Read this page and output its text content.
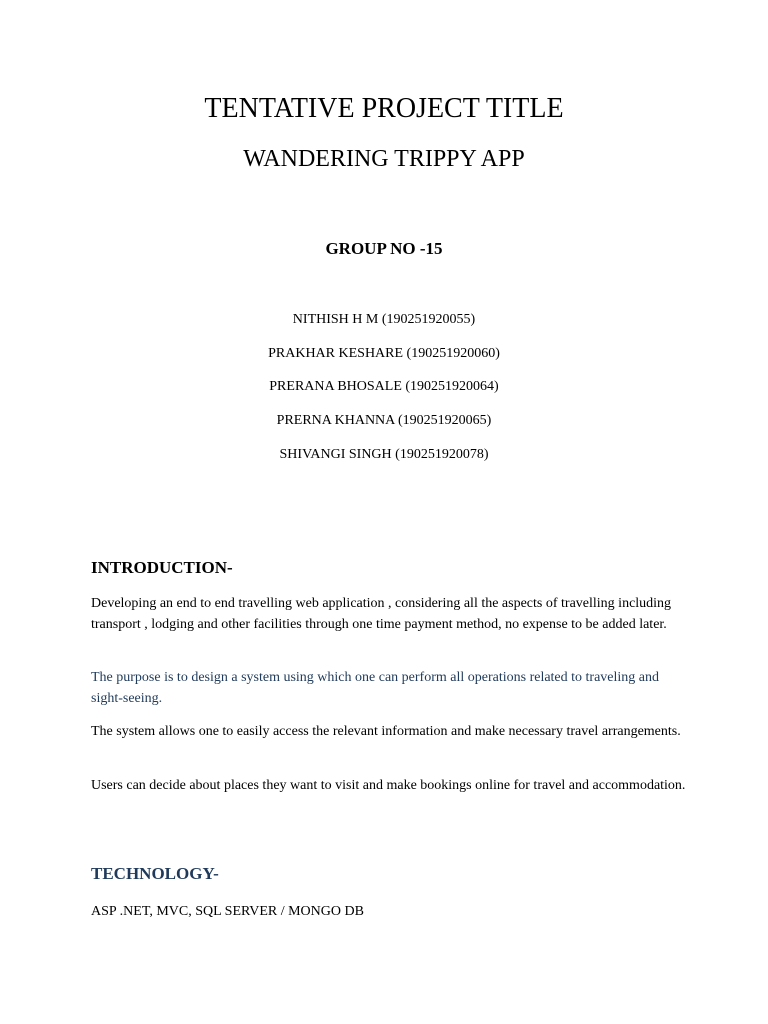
TENTATIVE PROJECT TITLE
WANDERING TRIPPY APP
GROUP NO -15
NITHISH H M (190251920055)
PRAKHAR KESHARE (190251920060)
PRERANA BHOSALE (190251920064)
PRERNA KHANNA (190251920065)
SHIVANGI SINGH (190251920078)
INTRODUCTION-
Developing an end to end travelling web application , considering all the aspects of travelling including transport , lodging and other facilities through one time payment method, no expense to be added later.
The purpose is to design a system using which one can perform all operations related to traveling and sight-seeing.
The system allows one to easily access the relevant information and make necessary travel arrangements.
Users can decide about places they want to visit and make bookings online for travel and accommodation.
TECHNOLOGY-
ASP .NET, MVC, SQL SERVER / MONGO DB
